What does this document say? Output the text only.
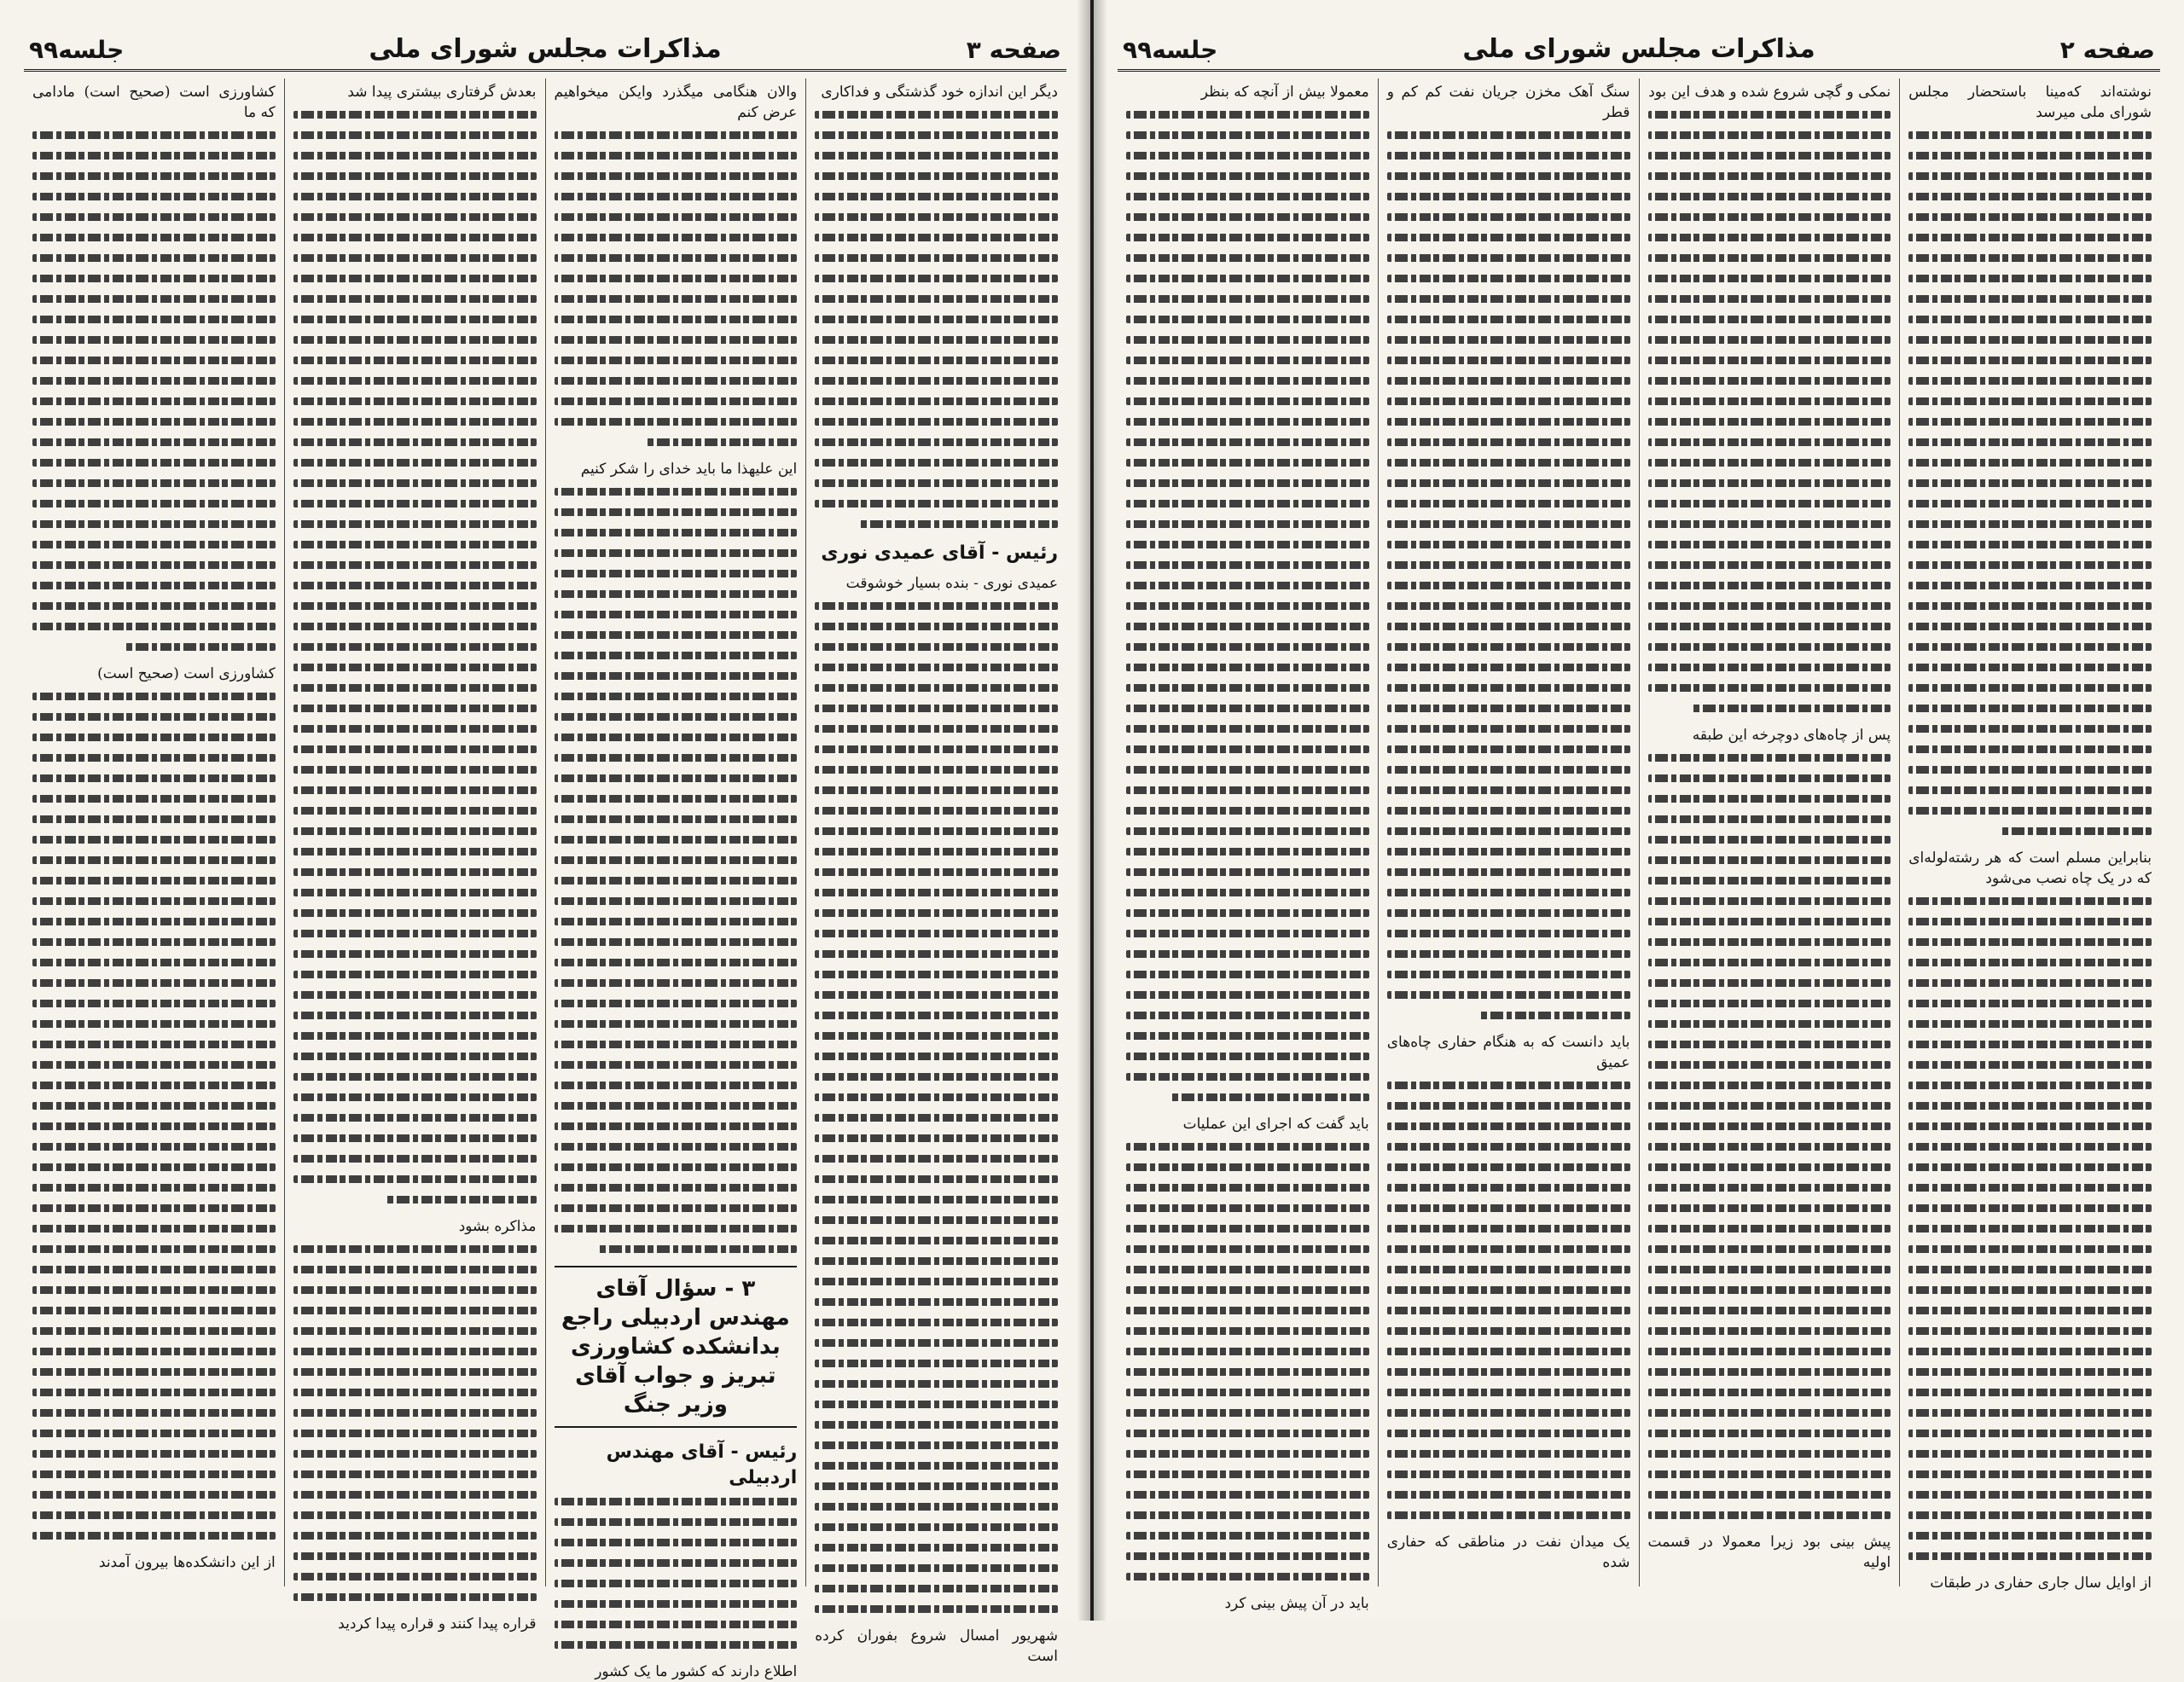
صفحه ۳
مذاکرات مجلس شورای ملی
جلسه۹۹
دیگر این اندازه خود گذشتگی و فداکاری
رئیس - آقای عمیدی نوری
عمیدی نوری - بنده بسیار خوشوقت
شهریور امسال شروع بفوران کرده است
والان هنگامی میگذرد وایکن میخواهیم عرض کنم
این علیهذا ما باید خدای را شکر کنیم
۳ - سؤال آقای مهندس اردبیلی راجع بدانشکده کشاورزی تبریز و جواب آقای وزیر جنگ
رئیس - آقای مهندس اردبیلی
اطلاع دارند که کشور ما یک کشور
بعدش گرفتاری بیشتری پیدا شد
مذاکره بشود
قراره پیدا کنند و قراره پیدا کردید
کشاورزی است (صحیح است) مادامی که ما
کشاورزی است (صحیح است)
از این دانشکده‌ها بیرون آمدند
صفحه ۲
مذاکرات مجلس شورای ملی
جلسه۹۹
نوشته‌اند که‌مینا باستحضار مجلس شورای ملی میرسد
بنابراین مسلم است که هر رشته‌لوله‌ای که در یک چاه نصب می‌شود
از اوایل سال جاری حفاری در طبقات
نمکی و گچی شروع شده و هدف این بود
پس از چاه‌های دوچرخه این طبقه
پیش بینی بود زیرا معمولا در قسمت اولیه
سنگ آهک مخزن جریان نفت کم کم و قطر
باید دانست که به هنگام حفاری چاه‌های عمیق
یک میدان نفت در مناطقی که حفاری شده
معمولا بیش از آنچه که بنظر
باید گفت که اجرای این عملیات
باید در آن پیش بینی کرد
